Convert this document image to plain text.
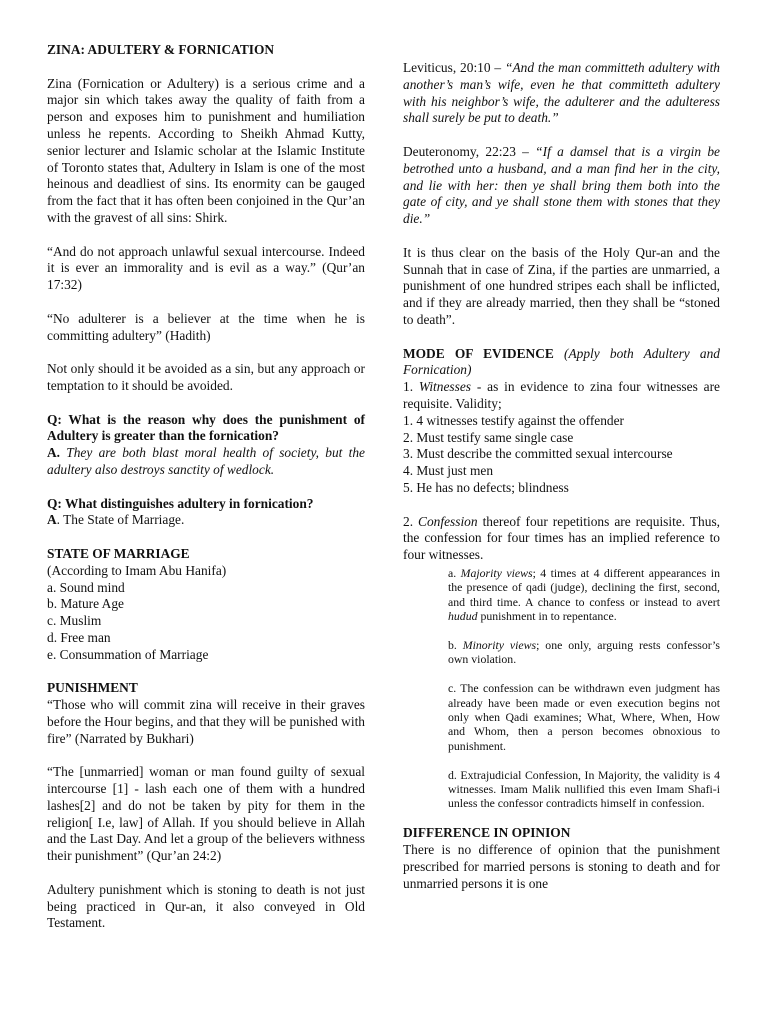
ZINA: ADULTERY & FORNICATION

Zina (Fornication or Adultery) is a serious crime and a major sin which takes away the quality of faith from a person and exposes him to punishment and humiliation unless he repents. According to Sheikh Ahmad Kutty, senior lecturer and Islamic scholar at the Islamic Institute of Toronto states that, Adultery in Islam is one of the most heinous and deadliest of sins. Its enormity can be gauged from the fact that it has often been conjoined in the Qur’an with the gravest of all sins: Shirk.

“And do not approach unlawful sexual intercourse. Indeed it is ever an immorality and is evil as a way.” (Qur’an 17:32)

“No adulterer is a believer at the time when he is committing adultery” (Hadith)

Not only should it be avoided as a sin, but any approach or temptation to it should be avoided.

Q: What is the reason why does the punishment of Adultery is greater than the fornication?

A. They are both blast moral health of society, but the adultery also destroys sanctity of wedlock.

Q: What distinguishes adultery in fornication?

A. The State of Marriage.

STATE OF MARRIAGE
(According to Imam Abu Hanifa)
a. Sound mind
b. Mature Age
c. Muslim
d. Free man
e. Consummation of Marriage
PUNISHMENT

“Those who will commit zina will receive in their graves before the Hour begins, and that they will be punished with fire” (Narrated by Bukhari)

“The [unmarried] woman or man found guilty of sexual intercourse [1] - lash each one of them with a hundred lashes[2] and do not be taken by pity for them in the religion[ I.e, law] of Allah. If you should believe in Allah and the Last Day. And let a group of the believers withness their punishment” (Qur’an 24:2)

Adultery punishment which is stoning to death is not just being practiced in Qur-an, it also conveyed in Old Testament.

Leviticus, 20:10 – “And the man committeth adultery with another’s man’s wife, even he that committeth adultery with his neighbor’s wife, the adulterer and the adulteress shall surely be put to death.”

Deuteronomy, 22:23 – “If a damsel that is a virgin be betrothed unto a husband, and a man find her in the city, and lie with her: then ye shall bring them both into the gate of city, and ye shall stone them with stones that they die.”

It is thus clear on the basis of the Holy Qur-an and the Sunnah that in case of Zina, if the parties are unmarried, a punishment of one hundred stripes each shall be inflicted, and if they are already married, then they shall be “stoned to death”.

MODE OF EVIDENCE (Apply both Adultery and Fornication)
1. Witnesses - as in evidence to zina four witnesses are requisite. Validity;
1. 4 witnesses testify against the offender
2. Must testify same single case
3. Must describe the committed sexual intercourse
4. Must just men
5. He has no defects; blindness
2. Confession thereof four repetitions are requisite. Thus, the confession for four times has an implied reference to four witnesses.

a. Majority views; 4 times at 4 different appearances in the presence of qadi (judge), declining the first, second, and third time. A chance to confess or instead to avert hudud punishment in to repentance.

b. Minority views; one only, arguing rests confessor’s own violation.

c. The confession can be withdrawn even judgment has already have been made or even execution begins not only when Qadi examines; What, Where, When, How and Whom, then a person becomes obnoxious to punishment.

d. Extrajudicial Confession, In Majority, the validity is 4 witnesses. Imam Malik nullified this even Imam Shafi-i unless the confessor contradicts himself in confession.

DIFFERENCE IN OPINION

There is no difference of opinion that the punishment prescribed for married persons is stoning to death and for unmarried persons it is one
